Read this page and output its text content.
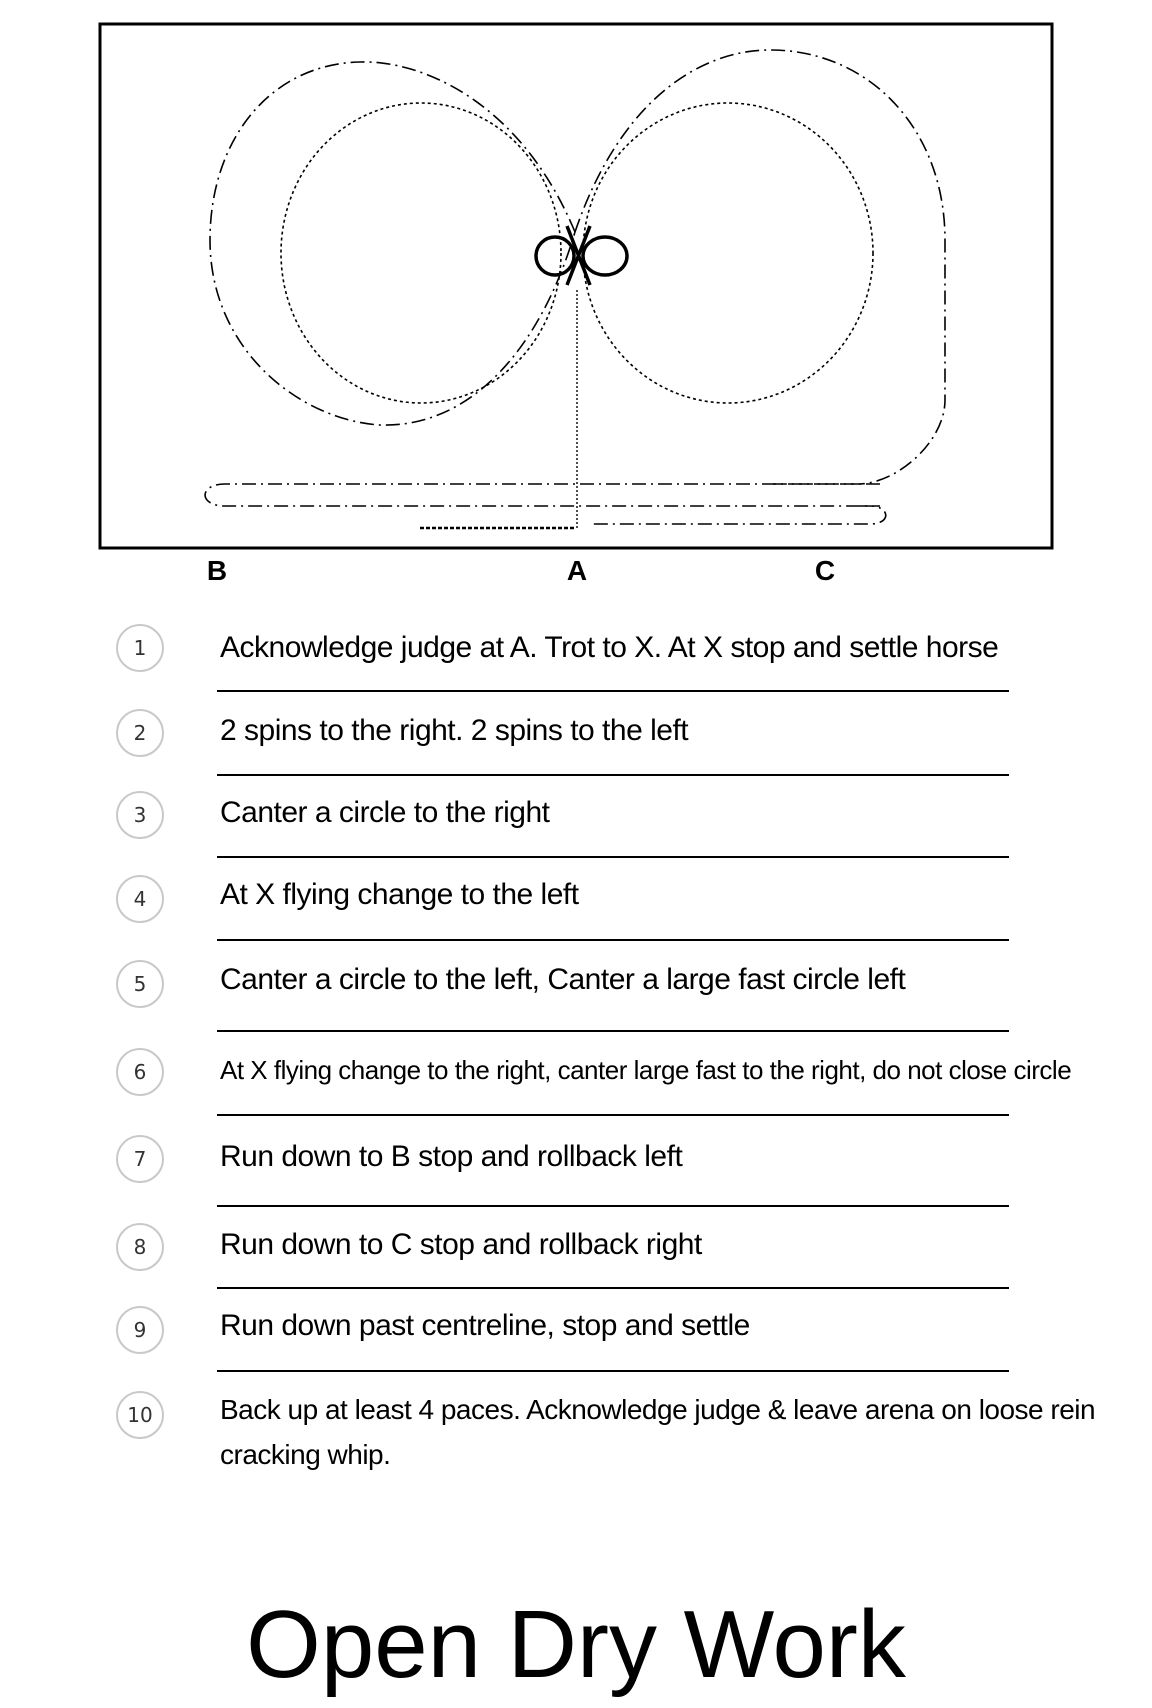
B	A	C
1	Acknowledge judge at A. Trot to X. At X stop and settle horse
2	2 spins to the right. 2 spins to the left
3	Canter a circle to the right
4	At X flying change to the left
5	Canter a circle to the left, Canter a large fast circle left
6	At X flying change to the right, canter large fast to the right, do not close circle
7	Run down to B stop and rollback left
8	Run down to C stop and rollback right
9	Run down past centreline, stop and settle
10	Back up at least 4 paces. Acknowledge judge & leave arena on loose rein
cracking whip.
Open Dry Work
